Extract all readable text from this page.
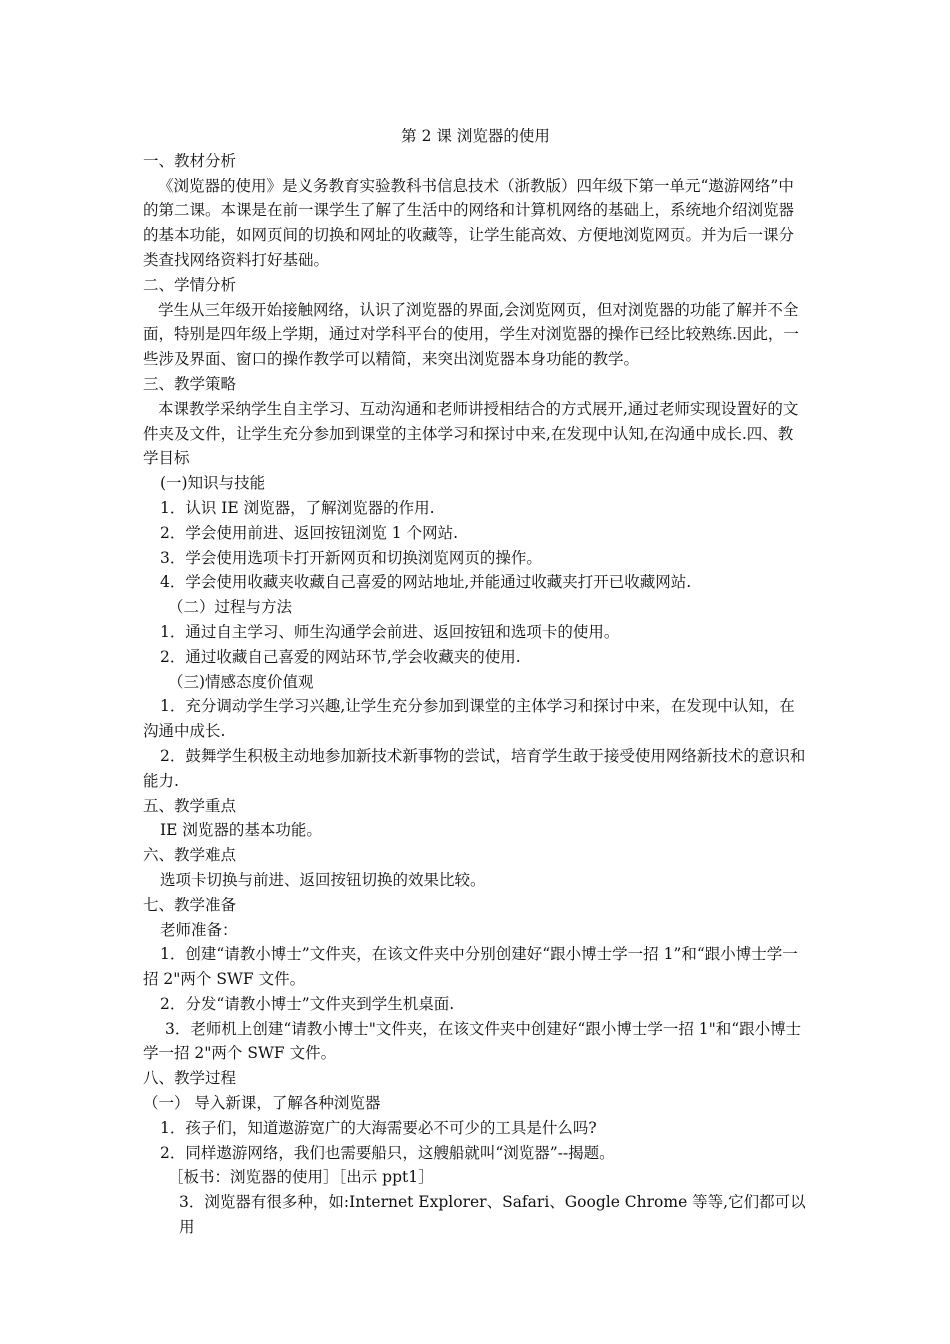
第 2 课 浏览器的使用

一、教材分析

《浏览器的使用》是义务教育实验教科书信息技术（浙教版）四年级下第一单元“遨游网络”中的第二课。本课是在前一课学生了解了生活中的网络和计算机网络的基础上，系统地介绍浏览器的基本功能，如网页间的切换和网址的收藏等，让学生能高效、方便地浏览网页。并为后一课分类查找网络资料打好基础。

二、学情分析

学生从三年级开始接触网络，认识了浏览器的界面,会浏览网页，但对浏览器的功能了解并不全面，特别是四年级上学期，通过对学科平台的使用，学生对浏览器的操作已经比较熟练.因此，一些涉及界面、窗口的操作教学可以精简，来突出浏览器本身功能的教学。

三、教学策略

本课教学采纳学生自主学习、互动沟通和老师讲授相结合的方式展开,通过老师实现设置好的文件夹及文件，让学生充分参加到课堂的主体学习和探讨中来,在发现中认知,在沟通中成长.四、教学目标

(一)知识与技能

1．认识 IE 浏览器，了解浏览器的作用.

2．学会使用前进、返回按钮浏览 1 个网站.

3．学会使用选项卡打开新网页和切换浏览网页的操作。

4．学会使用收藏夹收藏自己喜爱的网站地址,并能通过收藏夹打开已收藏网站.

（二）过程与方法

1．通过自主学习、师生沟通学会前进、返回按钮和选项卡的使用。

2．通过收藏自己喜爱的网站环节,学会收藏夹的使用.

（三)情感态度价值观

1．充分调动学生学习兴趣,让学生充分参加到课堂的主体学习和探讨中来，在发现中认知，在沟通中成长.

2．鼓舞学生积极主动地参加新技术新事物的尝试，培育学生敢于接受使用网络新技术的意识和能力.

五、教学重点

IE 浏览器的基本功能。

六、教学难点

选项卡切换与前进、返回按钮切换的效果比较。

七、教学准备

老师准备：

1．创建“请教小博士”文件夹，在该文件夹中分别创建好“跟小博士学一招 1”和“跟小博士学一招 2"两个 SWF 文件。

2．分发“请教小博士”文件夹到学生机桌面.

3．老师机上创建“请教小博士"文件夹，在该文件夹中创建好“跟小博士学一招 1"和“跟小博士学一招 2"两个 SWF 文件。

八、教学过程

（一） 导入新课，了解各种浏览器

1．孩子们，知道遨游宽广的大海需要必不可少的工具是什么吗?

2．同样遨游网络，我们也需要船只，这艘船就叫“浏览器”--揭题。

［板书：浏览器的使用］［出示 ppt1］

3．浏览器有很多种，如:Internet Explorer、Safari、Google Chrome 等等,它们都可以用
